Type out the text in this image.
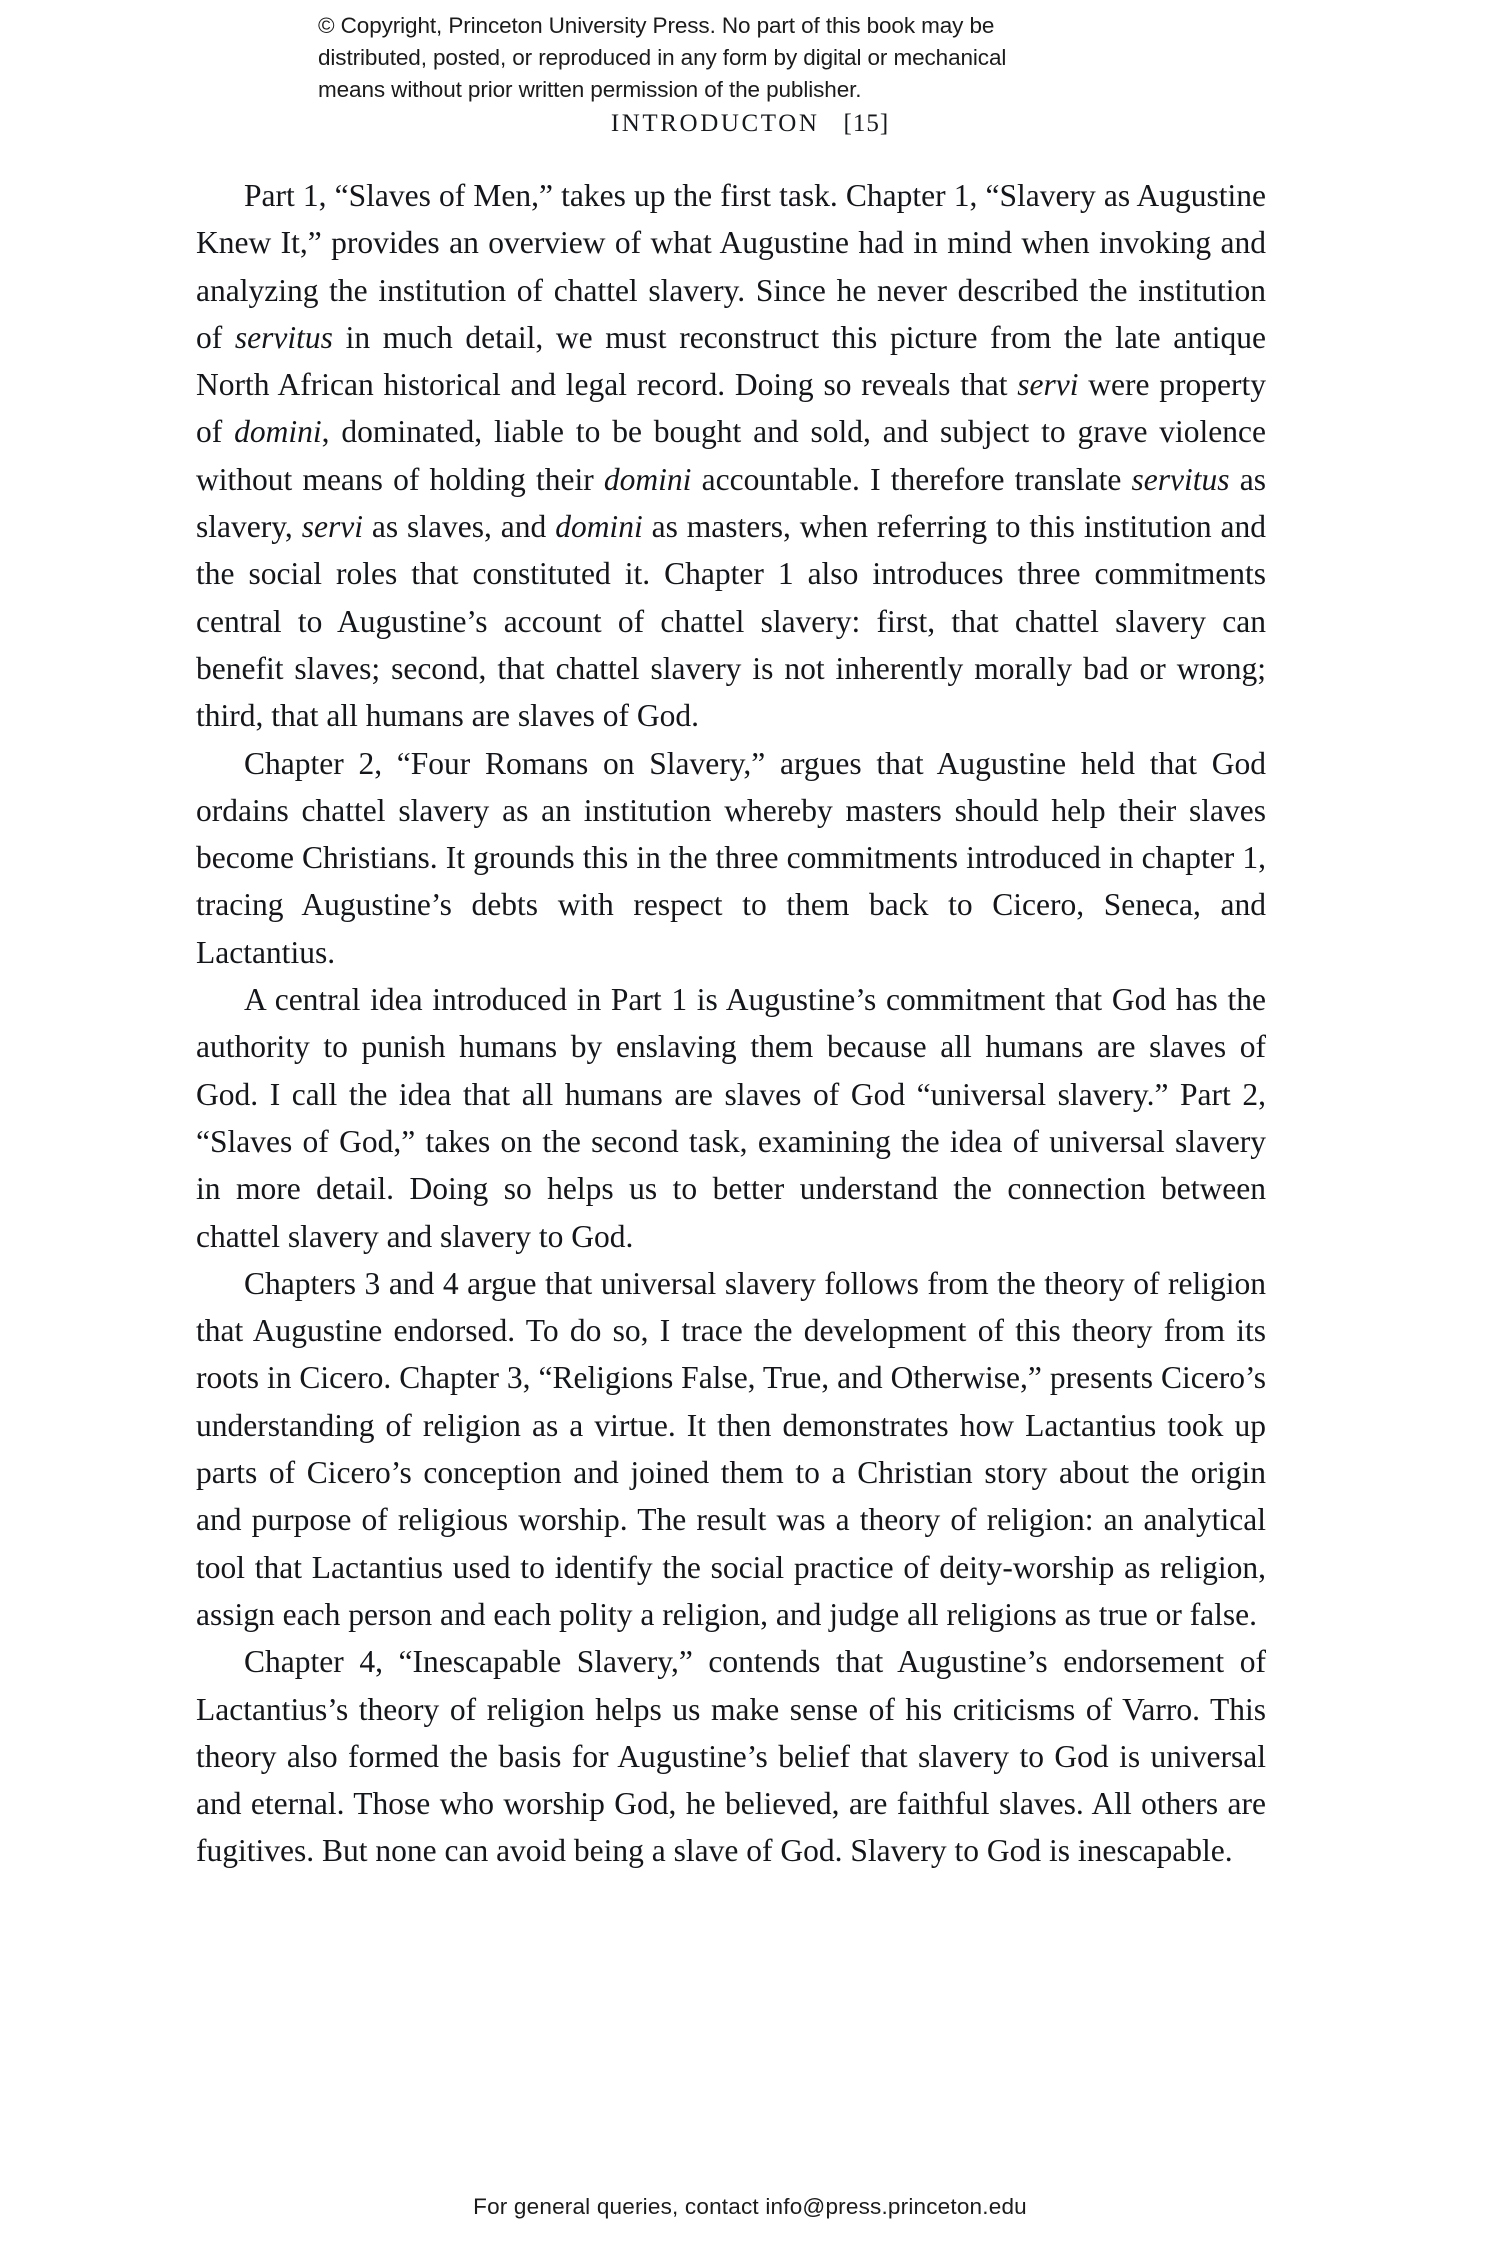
© Copyright, Princeton University Press. No part of this book may be
distributed, posted, or reproduced in any form by digital or mechanical
means without prior written permission of the publisher.
INTRODUCTON [15]

Part 1, “Slaves of Men,” takes up the first task. Chapter 1, “Slavery as Augustine Knew It,” provides an overview of what Augustine had in mind when invoking and analyzing the institution of chattel slavery. Since he never described the institution of servitus in much detail, we must reconstruct this picture from the late antique North African historical and legal record. Doing so reveals that servi were property of domini, dominated, liable to be bought and sold, and subject to grave violence without means of holding their domini accountable. I therefore translate servitus as slavery, servi as slaves, and domini as masters, when referring to this institution and the social roles that constituted it. Chapter 1 also introduces three commitments central to Augustine’s account of chattel slavery: first, that chattel slavery can benefit slaves; second, that chattel slavery is not inherently morally bad or wrong; third, that all humans are slaves of God.

Chapter 2, “Four Romans on Slavery,” argues that Augustine held that God ordains chattel slavery as an institution whereby masters should help their slaves become Christians. It grounds this in the three commitments introduced in chapter 1, tracing Augustine’s debts with respect to them back to Cicero, Seneca, and Lactantius.

A central idea introduced in Part 1 is Augustine’s commitment that God has the authority to punish humans by enslaving them because all humans are slaves of God. I call the idea that all humans are slaves of God “universal slavery.” Part 2, “Slaves of God,” takes on the second task, examining the idea of universal slavery in more detail. Doing so helps us to better understand the connection between chattel slavery and slavery to God.

Chapters 3 and 4 argue that universal slavery follows from the theory of religion that Augustine endorsed. To do so, I trace the development of this theory from its roots in Cicero. Chapter 3, “Religions False, True, and Otherwise,” presents Cicero’s understanding of religion as a virtue. It then demonstrates how Lactantius took up parts of Cicero’s conception and joined them to a Christian story about the origin and purpose of religious worship. The result was a theory of religion: an analytical tool that Lactantius used to identify the social practice of deity-worship as religion, assign each person and each polity a religion, and judge all religions as true or false.

Chapter 4, “Inescapable Slavery,” contends that Augustine’s endorsement of Lactantius’s theory of religion helps us make sense of his criticisms of Varro. This theory also formed the basis for Augustine’s belief that slavery to God is universal and eternal. Those who worship God, he believed, are faithful slaves. All others are fugitives. But none can avoid being a slave of God. Slavery to God is inescapable.

For general queries, contact info@press.princeton.edu
